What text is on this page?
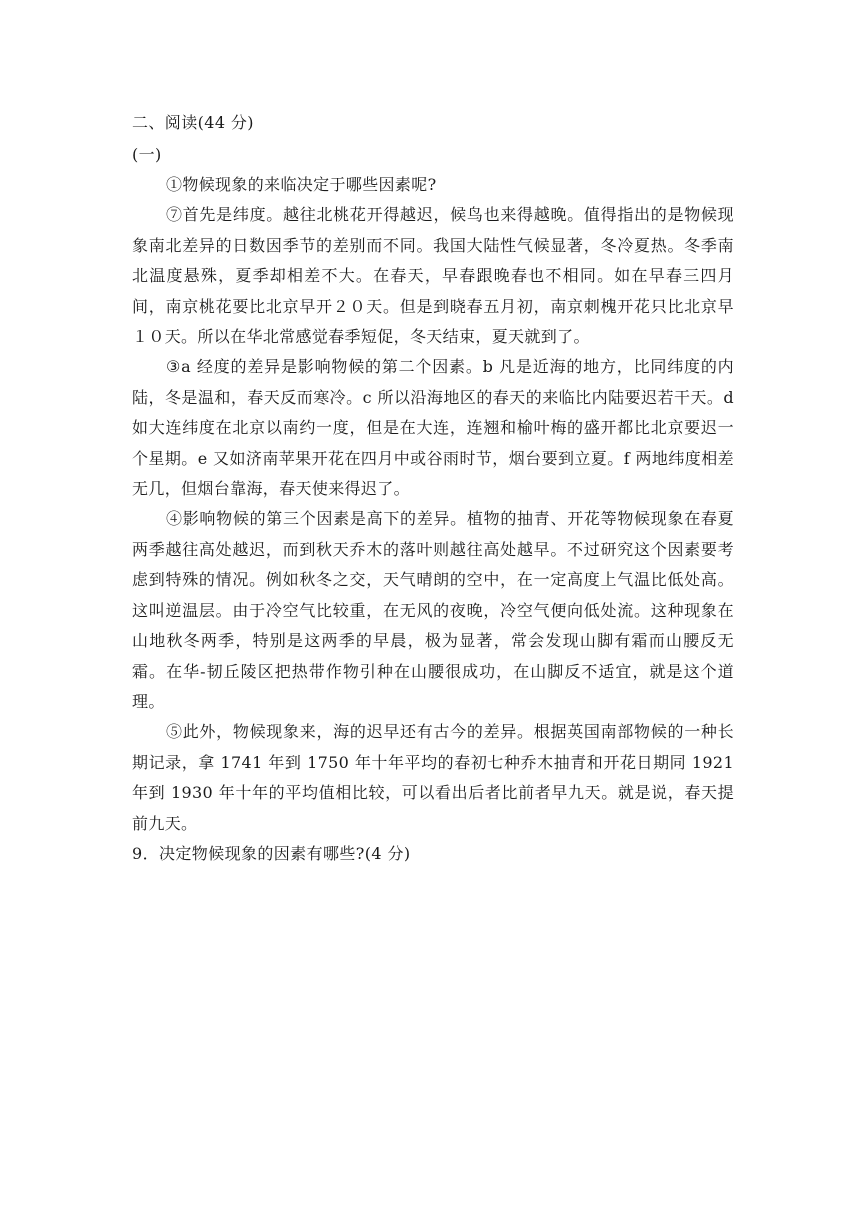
二、阅读(44 分)
(一)

①物候现象的来临决定于哪些因素呢?

⑦首先是纬度。越往北桃花开得越迟，候鸟也来得越晚。值得指出的是物候现象南北差异的日数因季节的差别而不同。我国大陆性气候显著，冬冷夏热。冬季南北温度悬殊，夏季却相差不大。在春天，早春跟晚春也不相同。如在早春三四月间，南京桃花要比北京早开２０天。但是到晓春五月初，南京刺槐开花只比北京早１０天。所以在华北常感觉春季短促，冬天结束，夏天就到了。

③a 经度的差异是影响物候的第二个因素。b 凡是近海的地方，比同纬度的内陆，冬是温和，春天反而寒冷。c 所以沿海地区的春天的来临比内陆要迟若干天。d 如大连纬度在北京以南约一度，但是在大连，连翘和榆叶梅的盛开都比北京要迟一个星期。e 又如济南苹果开花在四月中或谷雨时节，烟台要到立夏。f 两地纬度相差无几，但烟台靠海，春天使来得迟了。

④影响物候的第三个因素是高下的差异。植物的抽青、开花等物候现象在春夏两季越往高处越迟，而到秋天乔木的落叶则越往高处越早。不过研究这个因素要考虑到特殊的情况。例如秋冬之交，天气晴朗的空中，在一定高度上气温比低处高。这叫逆温层。由于冷空气比较重，在无风的夜晚，冷空气便向低处流。这种现象在山地秋冬两季，特别是这两季的早晨，极为显著，常会发现山脚有霜而山腰反无霜。在华-韧丘陵区把热带作物引种在山腰很成功，在山脚反不适宜，就是这个道理。

⑤此外，物候现象来，海的迟早还有古今的差异。根据英国南部物候的一种长期记录，拿 1741 年到 1750 年十年平均的春初七种乔木抽青和开花日期同 1921 年到 1930 年十年的平均值相比较，可以看出后者比前者早九天。就是说，春天提前九天。

9．决定物候现象的因素有哪些?(4 分)
